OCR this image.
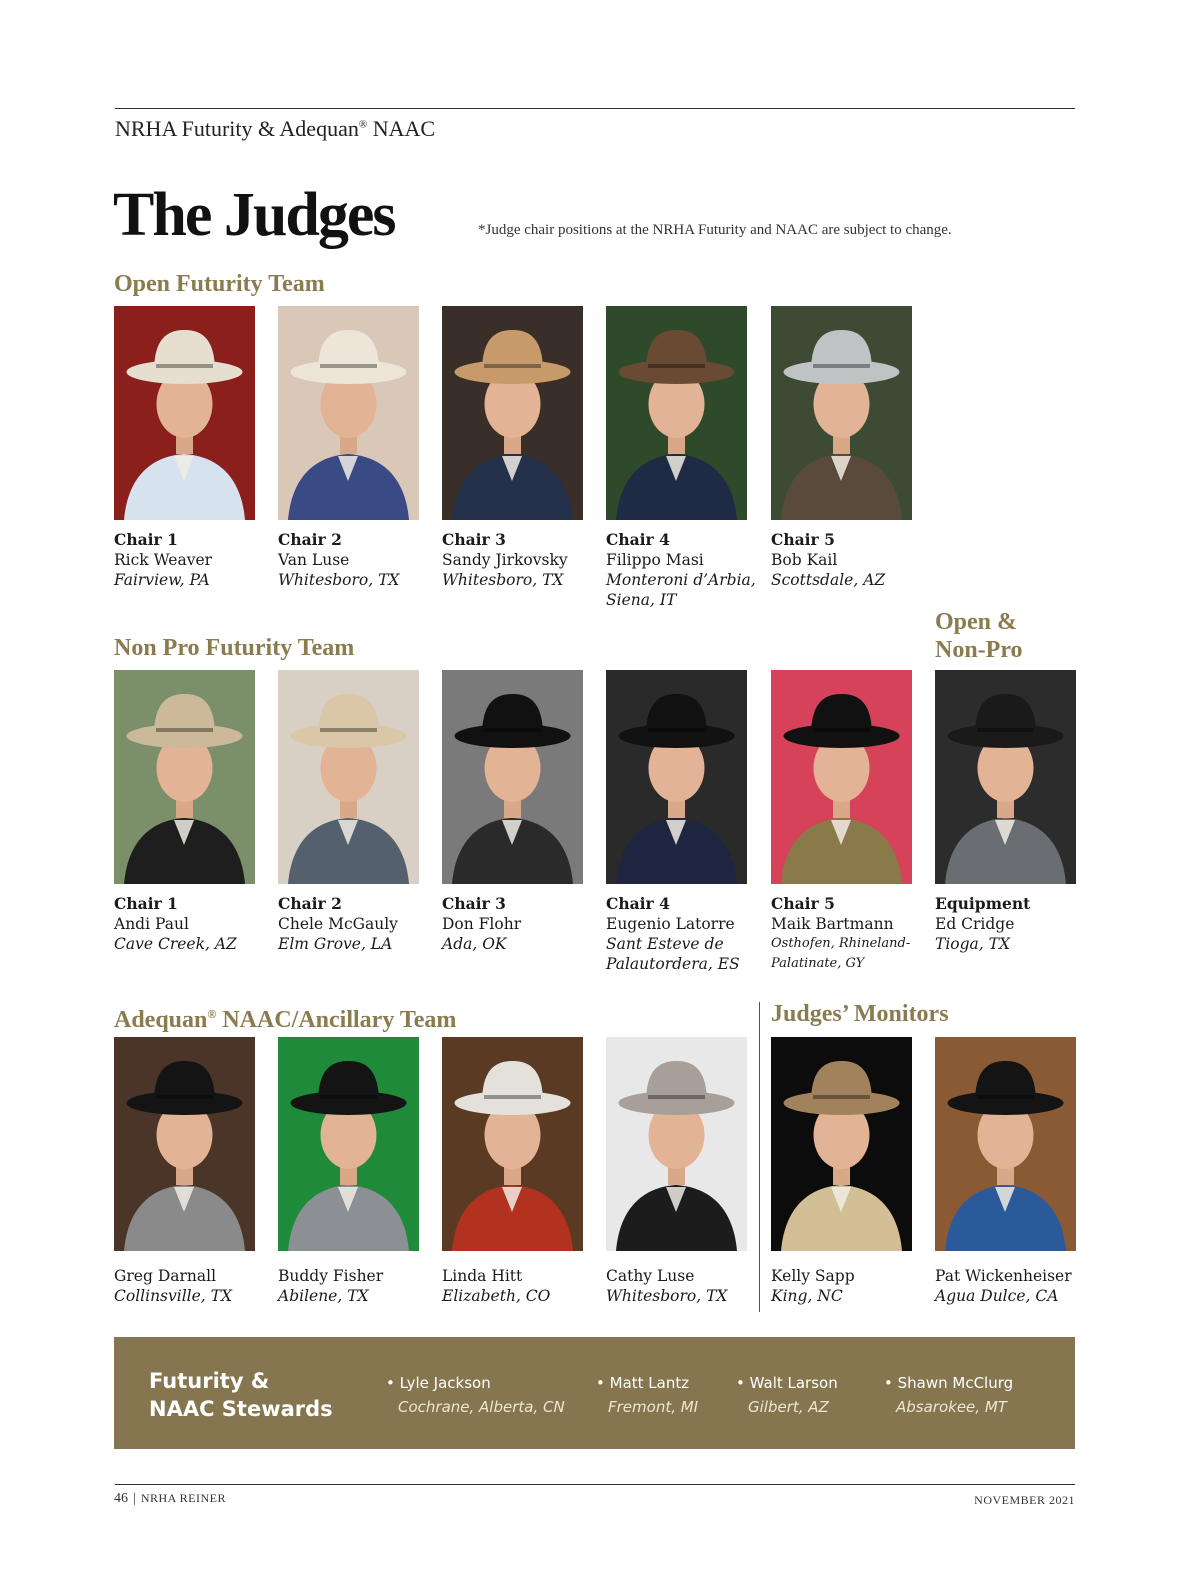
NRHA Futurity & Adequan® NAAC
The Judges	*Judge chair positions at the NRHA Futurity and NAAC are subject to change.
Open Futurity Team
Non Pro Futurity Team
Open &
Non-Pro
Adequan® NAAC/Ancillary Team	Judges’ Monitors
Chair 1
Rick Weaver
Fairview, PA
Chair 2
Van Luse
Whitesboro, TX
Chair 3
Sandy Jirkovsky
Whitesboro, TX
Chair 4
Filippo Masi
Monteroni d’Arbia,
Siena, IT
Chair 5
Bob Kail
Scottsdale, AZ
Chair 1
Andi Paul
Cave Creek, AZ
Chair 2
Chele McGauly
Elm Grove, LA
Chair 3
Don Flohr
Ada, OK
Chair 4
Eugenio Latorre
Sant Esteve de
Palautordera, ES
Chair 5
Maik Bartmann
Osthofen, Rhineland-
Palatinate, GY
Equipment
Ed Cridge
Tioga, TX
Greg Darnall
Collinsville, TX
Buddy Fisher
Abilene, TX
Linda Hitt
Elizabeth, CO
Cathy Luse
Whitesboro, TX
Kelly Sapp
King, NC
Pat Wickenheiser
Agua Dulce, CA
Futurity &
NAAC Stewards
• Lyle Jackson
Cochrane, Alberta, CN
• Matt Lantz
Fremont, MI
• Walt Larson
Gilbert, AZ
• Shawn McClurg
Absarokee, MT
46 | NRHA REINER	NOVEMBER 2021
